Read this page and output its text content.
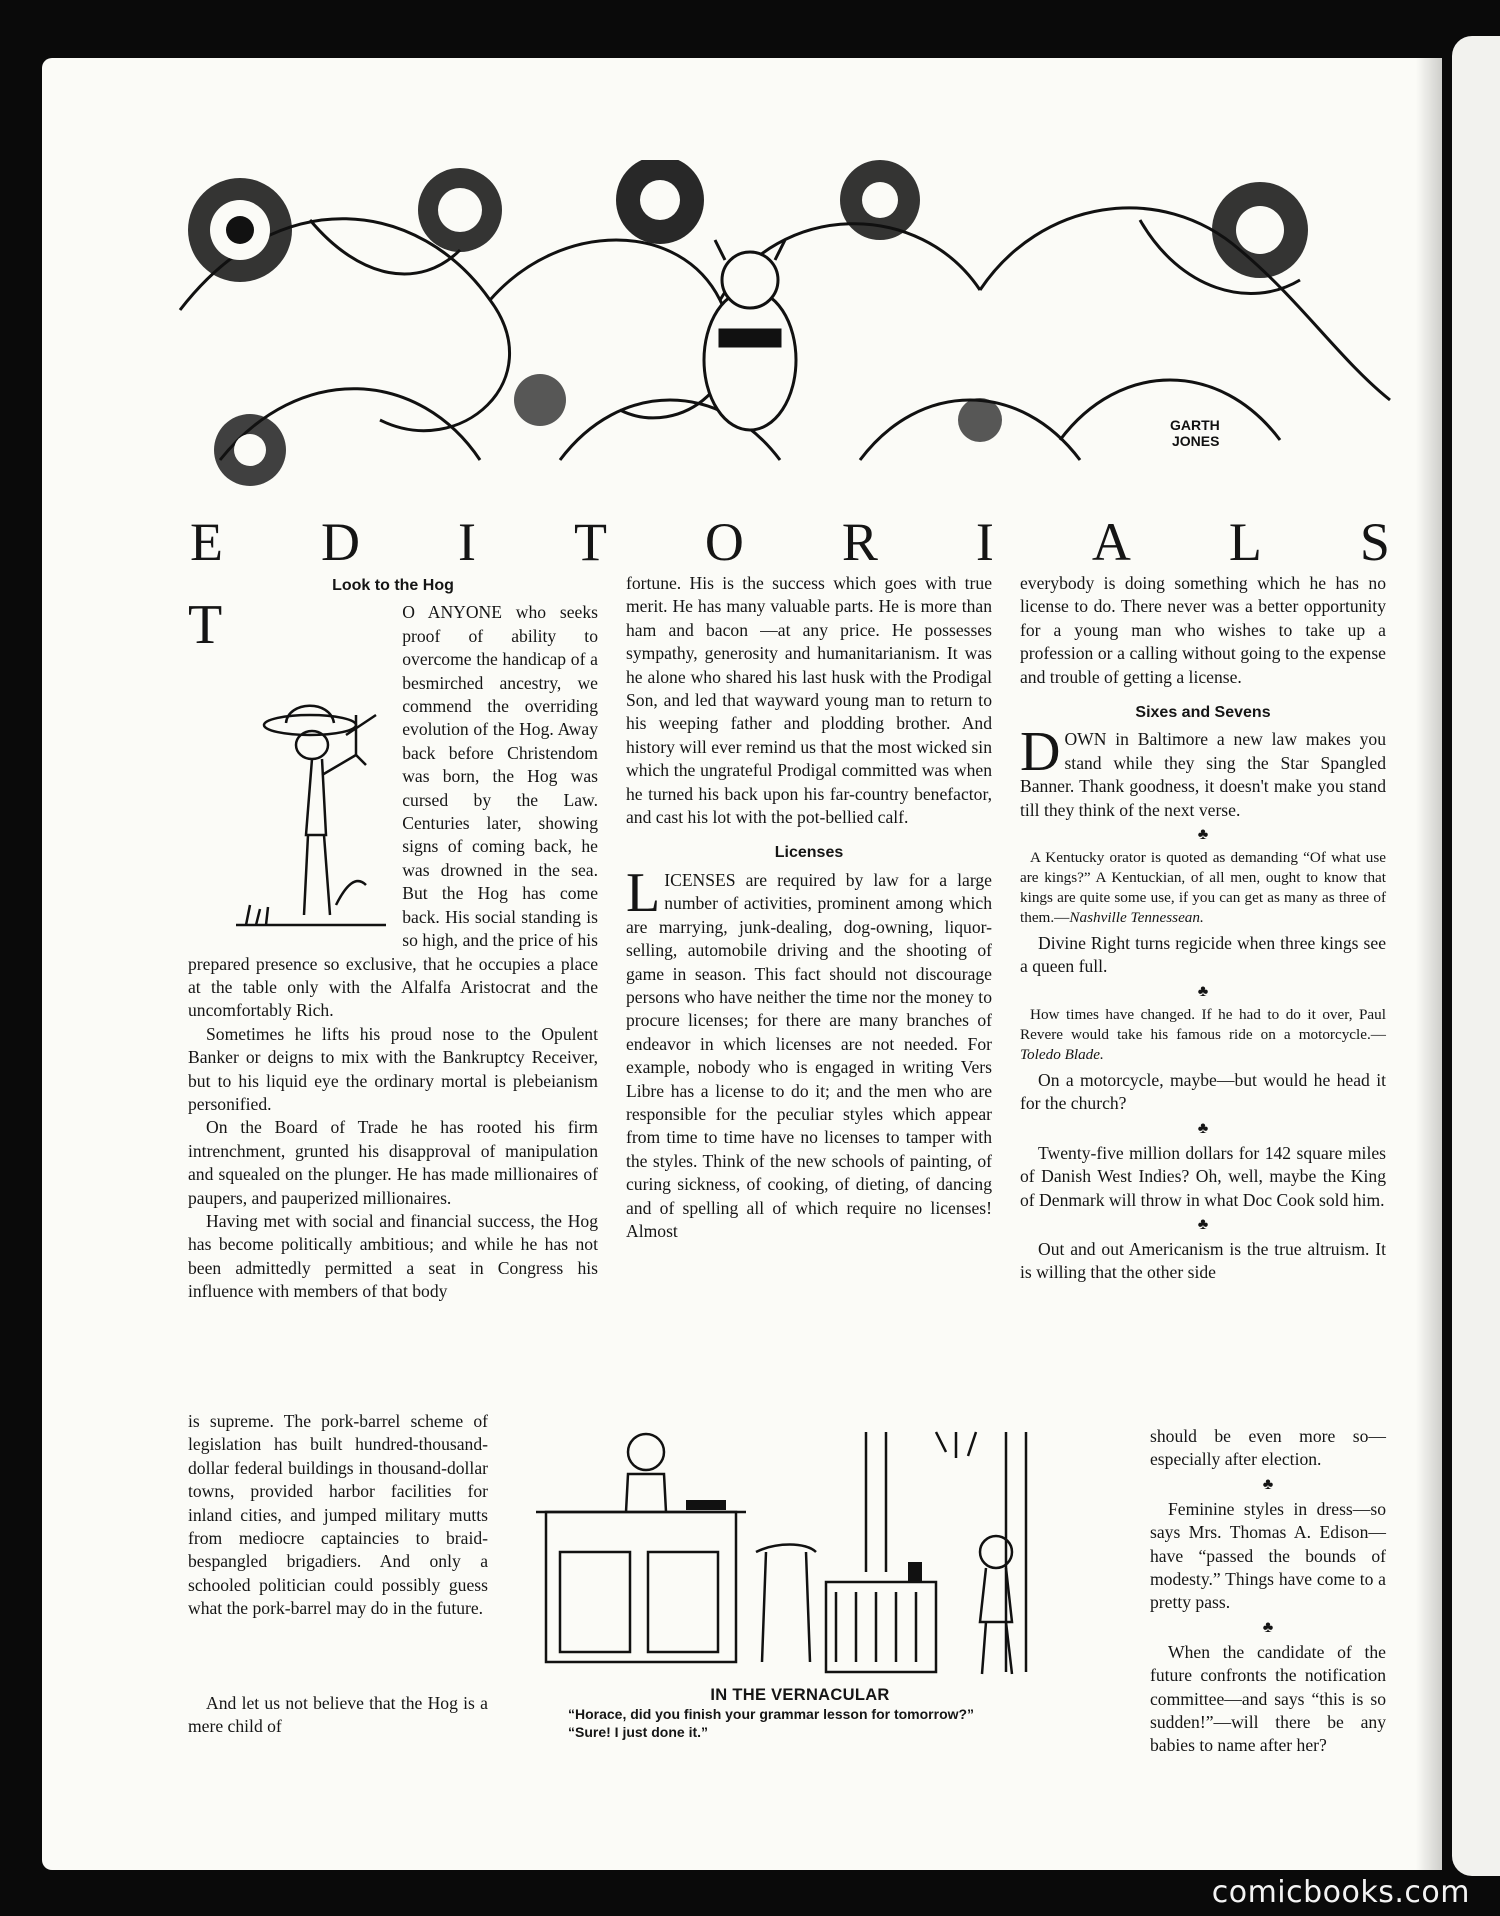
GARTH
JONES
E D I T O R I A L S
Look to the Hog

T	O ANYONE who seeks proof of ability to overcome the handicap of a besmirched ancestry, we commend the overriding evolution of the Hog. Away back before Christendom was born, the Hog was cursed by the Law. Centuries later, showing signs of coming back, he was drowned in the sea. But the Hog has come back. His social standing is so high, and the price of his prepared presence so exclusive, that he occupies a place at the table only with the Alfalfa Aristocrat and the uncomfortably Rich.

Sometimes he lifts his proud nose to the Opulent Banker or deigns to mix with the Bankruptcy Receiver, but to his liquid eye the ordinary mortal is plebeianism personified.

On the Board of Trade he has rooted his firm intrenchment, grunted his disapproval of manipulation and squealed on the plunger. He has made millionaires of paupers, and pauperized millionaires.

Having met with social and financial success, the Hog has become politically ambitious; and while he has not been admittedly permitted a seat in Congress his influence with members of that body

is supreme. The pork-barrel scheme of legislation has built hundred-thousand-dollar federal buildings in thousand-dollar towns, provided harbor facilities for inland cities, and jumped military mutts from mediocre captaincies to braid-bespangled brigadiers. And only a schooled politician could possibly guess what the pork-barrel may do in the future.

And let us not believe that the Hog is a mere child of

fortune. His is the success which goes with true merit. He has many valuable parts. He is more than ham and bacon —at any price. He possesses sympathy, generosity and humanitarianism. It was he alone who shared his last husk with the Prodigal Son, and led that wayward young man to return to his weeping father and plodding brother. And history will ever remind us that the most wicked sin which the ungrateful Prodigal committed was when he turned his back upon his far-country benefactor, and cast his lot with the pot-bellied calf.

Licenses

L ICENSES are required by law for a large number of activities, prominent among which are marrying, junk-dealing, dog-owning, liquor-selling, automobile driving and the shooting of game in season. This fact should not discourage persons who have neither the time nor the money to procure licenses; for there are many branches of endeavor in which licenses are not needed. For example, nobody who is engaged in writing Vers Libre has a license to do it; and the men who are responsible for the peculiar styles which appear from time to time have no licenses to tamper with the styles. Think of the new schools of painting, of curing sickness, of cooking, of dieting, of dancing and of spelling all of which require no licenses! Almost

everybody is doing something which he has no license to do. There never was a better opportunity for a young man who wishes to take up a profession or a calling without going to the expense and trouble of getting a license.

Sixes and Sevens

D OWN in Baltimore a new law makes you stand while they sing the Star Spangled Banner. Thank goodness, it doesn't make you stand till they think of the next verse.

♣

A Kentucky orator is quoted as demanding “Of what use are kings?” A Kentuckian, of all men, ought to know that kings are quite some use, if you can get as many as three of them.—Nashville Tennessean.

Divine Right turns regicide when three kings see a queen full.

♣

How times have changed. If he had to do it over, Paul Revere would take his famous ride on a motorcycle.—Toledo Blade.

On a motorcycle, maybe—but would he head it for the church?

♣

Twenty-five million dollars for 142 square miles of Danish West Indies? Oh, well, maybe the King of Denmark will throw in what Doc Cook sold him.

♣

Out and out Americanism is the true altruism. It is willing that the other side

should be even more so—especially after election.

♣

Feminine styles in dress—so says Mrs. Thomas A. Edison—have “passed the bounds of modesty.” Things have come to a pretty pass.

♣

When the candidate of the future confronts the notification committee—and says “this is so sudden!”—will there be any babies to name after her?

IN THE VERNACULAR
“Horace, did you finish your grammar lesson for tomorrow?”
“Sure! I just done it.”
comicbooks.com
